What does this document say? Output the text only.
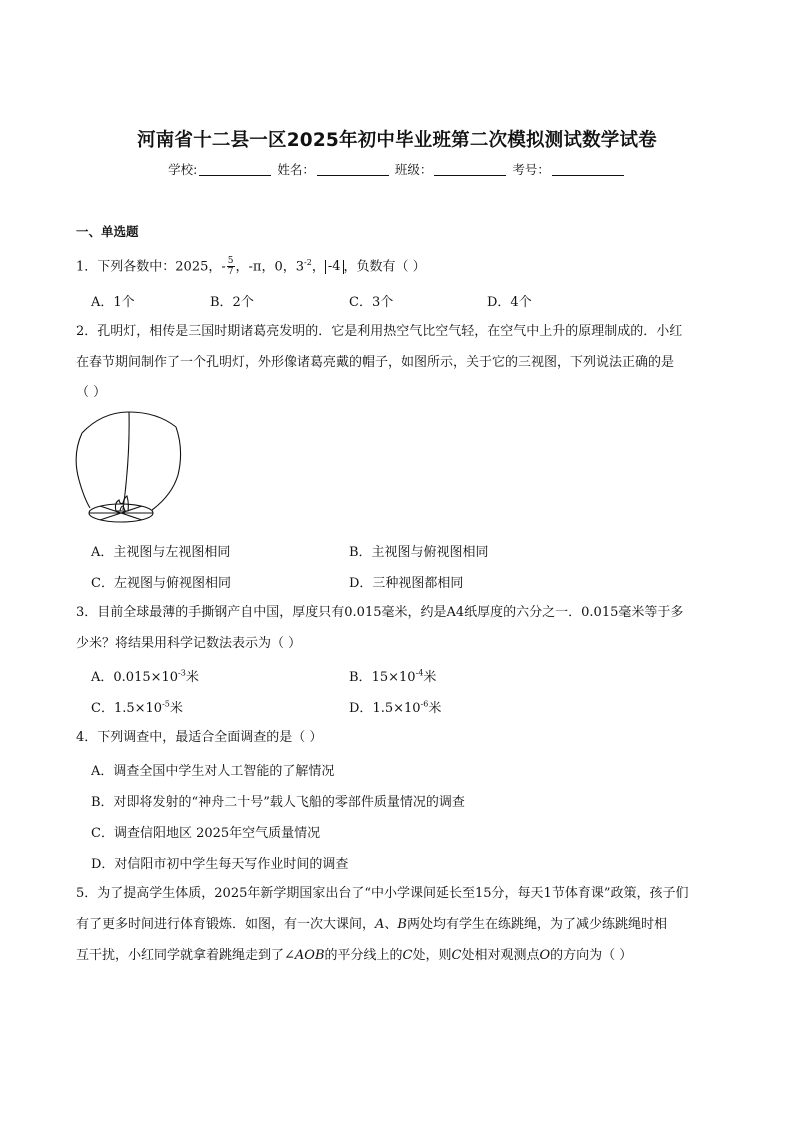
河南省十二县一区2025年初中毕业班第二次模拟测试数学试卷
学校:	姓名：	班级：	考号：
一、单选题
1．下列各数中：2025，- $\frac{5}{7}$ ，-π，0，$3^{-2}$， -4 ，负数有（ ）
A．1个	B．2个	C．3个	D．4个
2．孔明灯，相传是三国时期诸葛亮发明的．它是利用热空气比空气轻，在空气中上升的原理制成的．小红
在春节期间制作了一个孔明灯，外形像诸葛亮戴的帽子，如图所示，关于它的三视图，下列说法正确的是
（ ）
A．主视图与左视图相同	B．主视图与俯视图相同
C．左视图与俯视图相同	D．三种视图都相同
3．目前全球最薄的手撕钢产自中国，厚度只有0.015毫米，约是A4纸厚度的六分之一．0.015毫米等于多
少米？将结果用科学记数法表示为（ ）
A．$0.015\times 10^{-3}$米	B．$15\times 10^{-4}$米
C．$1.5\times 10^{-5}$米	D．$1.5\times 10^{-6}$米
4．下列调查中，最适合全面调查的是（ ）
A．调查全国中学生对人工智能的了解情况
B．对即将发射的“神舟二十号”载人飞船的零部件质量情况的调查
C．调查信阳地区 2025年空气质量情况
D．对信阳市初中学生每天写作业时间的调查
5．为了提高学生体质，2025年新学期国家出台了“中小学课间延长至15分，每天1节体育课”政策，孩子们
有了更多时间进行体育锻炼．如图，有一次大课间，A、B两处均有学生在练跳绳，为了减少练跳绳时相
互干扰，小红同学就拿着跳绳走到了∠AOB的平分线上的C处，则C处相对观测点O的方向为（ ）
